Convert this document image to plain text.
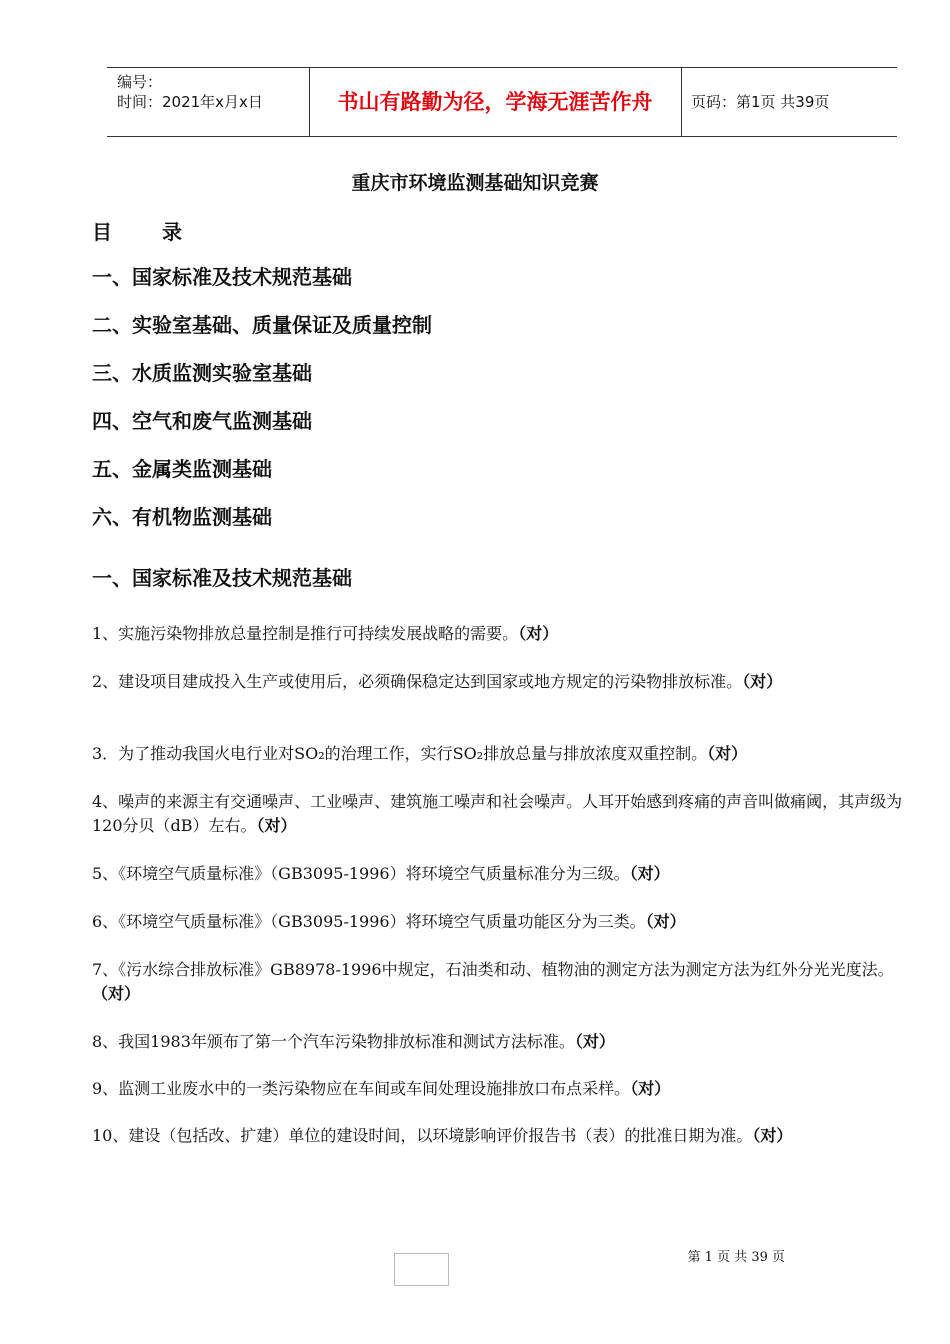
编号：
时间：2021年x月x日	书山有路勤为径，学海无涯苦作舟	页码：第1页 共39页
重庆市环境监测基础知识竞赛
目录
一、国家标准及技术规范基础
二、实验室基础、质量保证及质量控制
三、水质监测实验室基础
四、空气和废气监测基础
五、金属类监测基础
六、有机物监测基础
一、国家标准及技术规范基础
1、实施污染物排放总量控制是推行可持续发展战略的需要。（对）
2、建设项目建成投入生产或使用后，必须确保稳定达到国家或地方规定的污染物排放标准。（对）
3．为了推动我国火电行业对SO₂的治理工作，实行SO₂排放总量与排放浓度双重控制。（对）
4、噪声的来源主有交通噪声、工业噪声、建筑施工噪声和社会噪声。人耳开始感到疼痛的声音叫做痛阈，其声级为120分贝（dB）左右。（对）
5、《环境空气质量标准》（GB3095-1996）将环境空气质量标准分为三级。（对）
6、《环境空气质量标准》（GB3095-1996）将环境空气质量功能区分为三类。（对）
7、《污水综合排放标准》GB8978-1996中规定，石油类和动、植物油的测定方法为测定方法为红外分光光度法。（对）
8、我国1983年颁布了第一个汽车污染物排放标准和测试方法标准。（对）
9、监测工业废水中的一类污染物应在车间或车间处理设施排放口布点采样。（对）
10、建设（包括改、扩建）单位的建设时间，以环境影响评价报告书（表）的批准日期为准。（对）
第 1 页 共 39 页
